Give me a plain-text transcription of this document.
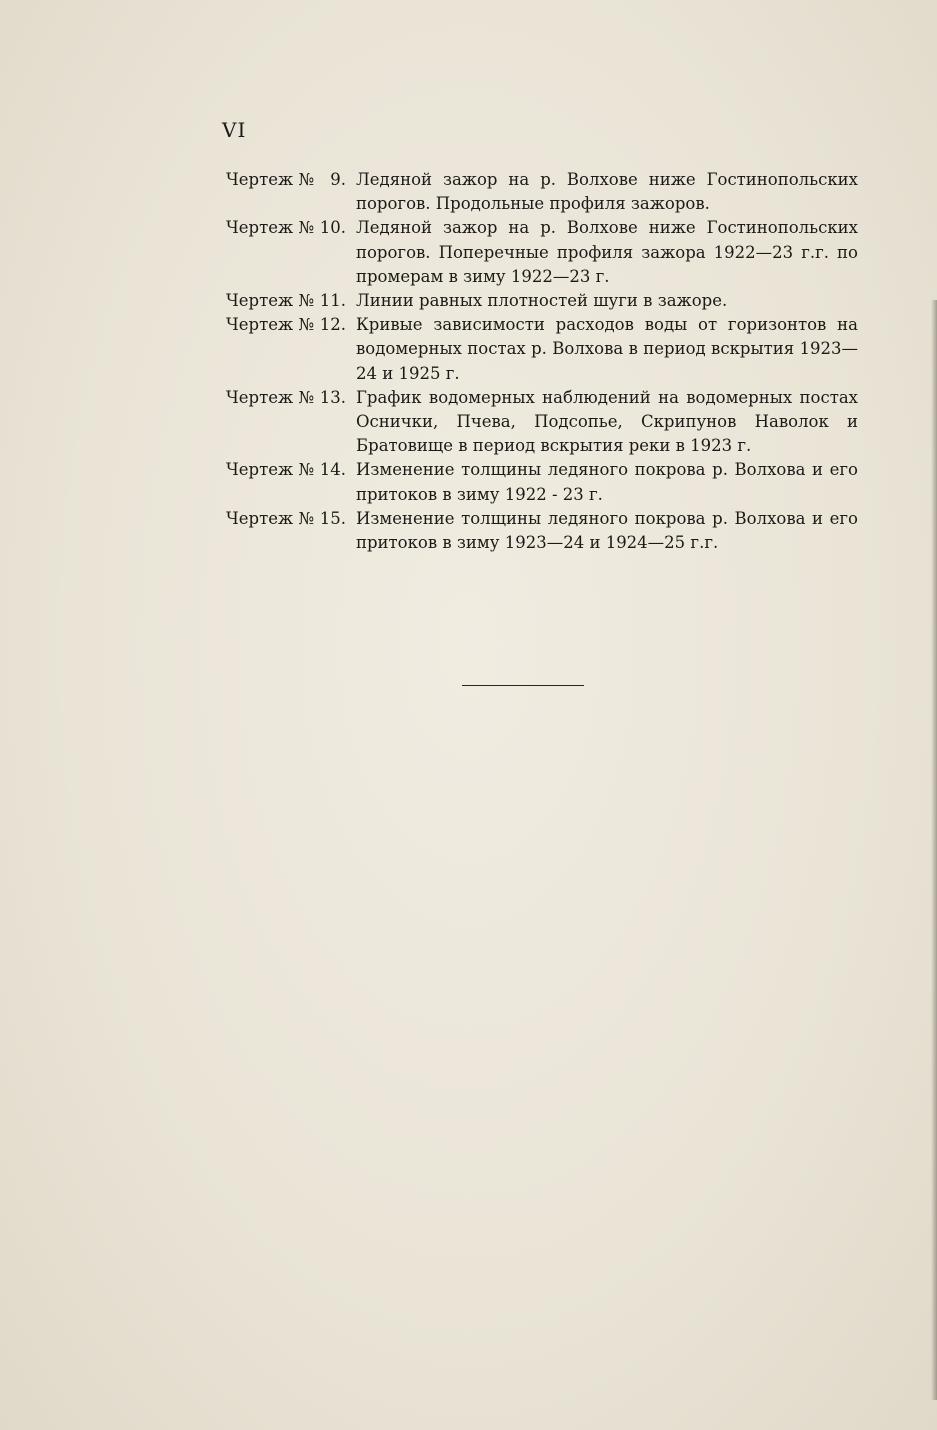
VI
Чертеж № 9. Ледяной зажор на р. Волхове ниже Гостинопольских порогов. Продольные профиля зажоров.
Чертеж № 10. Ледяной зажор на р. Волхове ниже Гостинопольских порогов. Поперечные профиля зажора 1922—23 г.г. по промерам в зиму 1922—23 г.
Чертеж № 11. Линии равных плотностей шуги в зажоре.
Чертеж № 12. Кривые зависимости расходов воды от горизонтов на водомерных постах р. Волхова в период вскрытия 1923—24 и 1925 г.
Чертеж № 13. График водомерных наблюдений на водомерных постах Оснички, Пчева, Подсопье, Скрипунов Наволок и Братовище в период вскрытия реки в 1923 г.
Чертеж № 14. Изменение толщины ледяного покрова р. Волхова и его притоков в зиму 1922 - 23 г.
Чертеж № 15. Изменение толщины ледяного покрова р. Волхова и его притоков в зиму 1923—24 и 1924—25 г.г.
